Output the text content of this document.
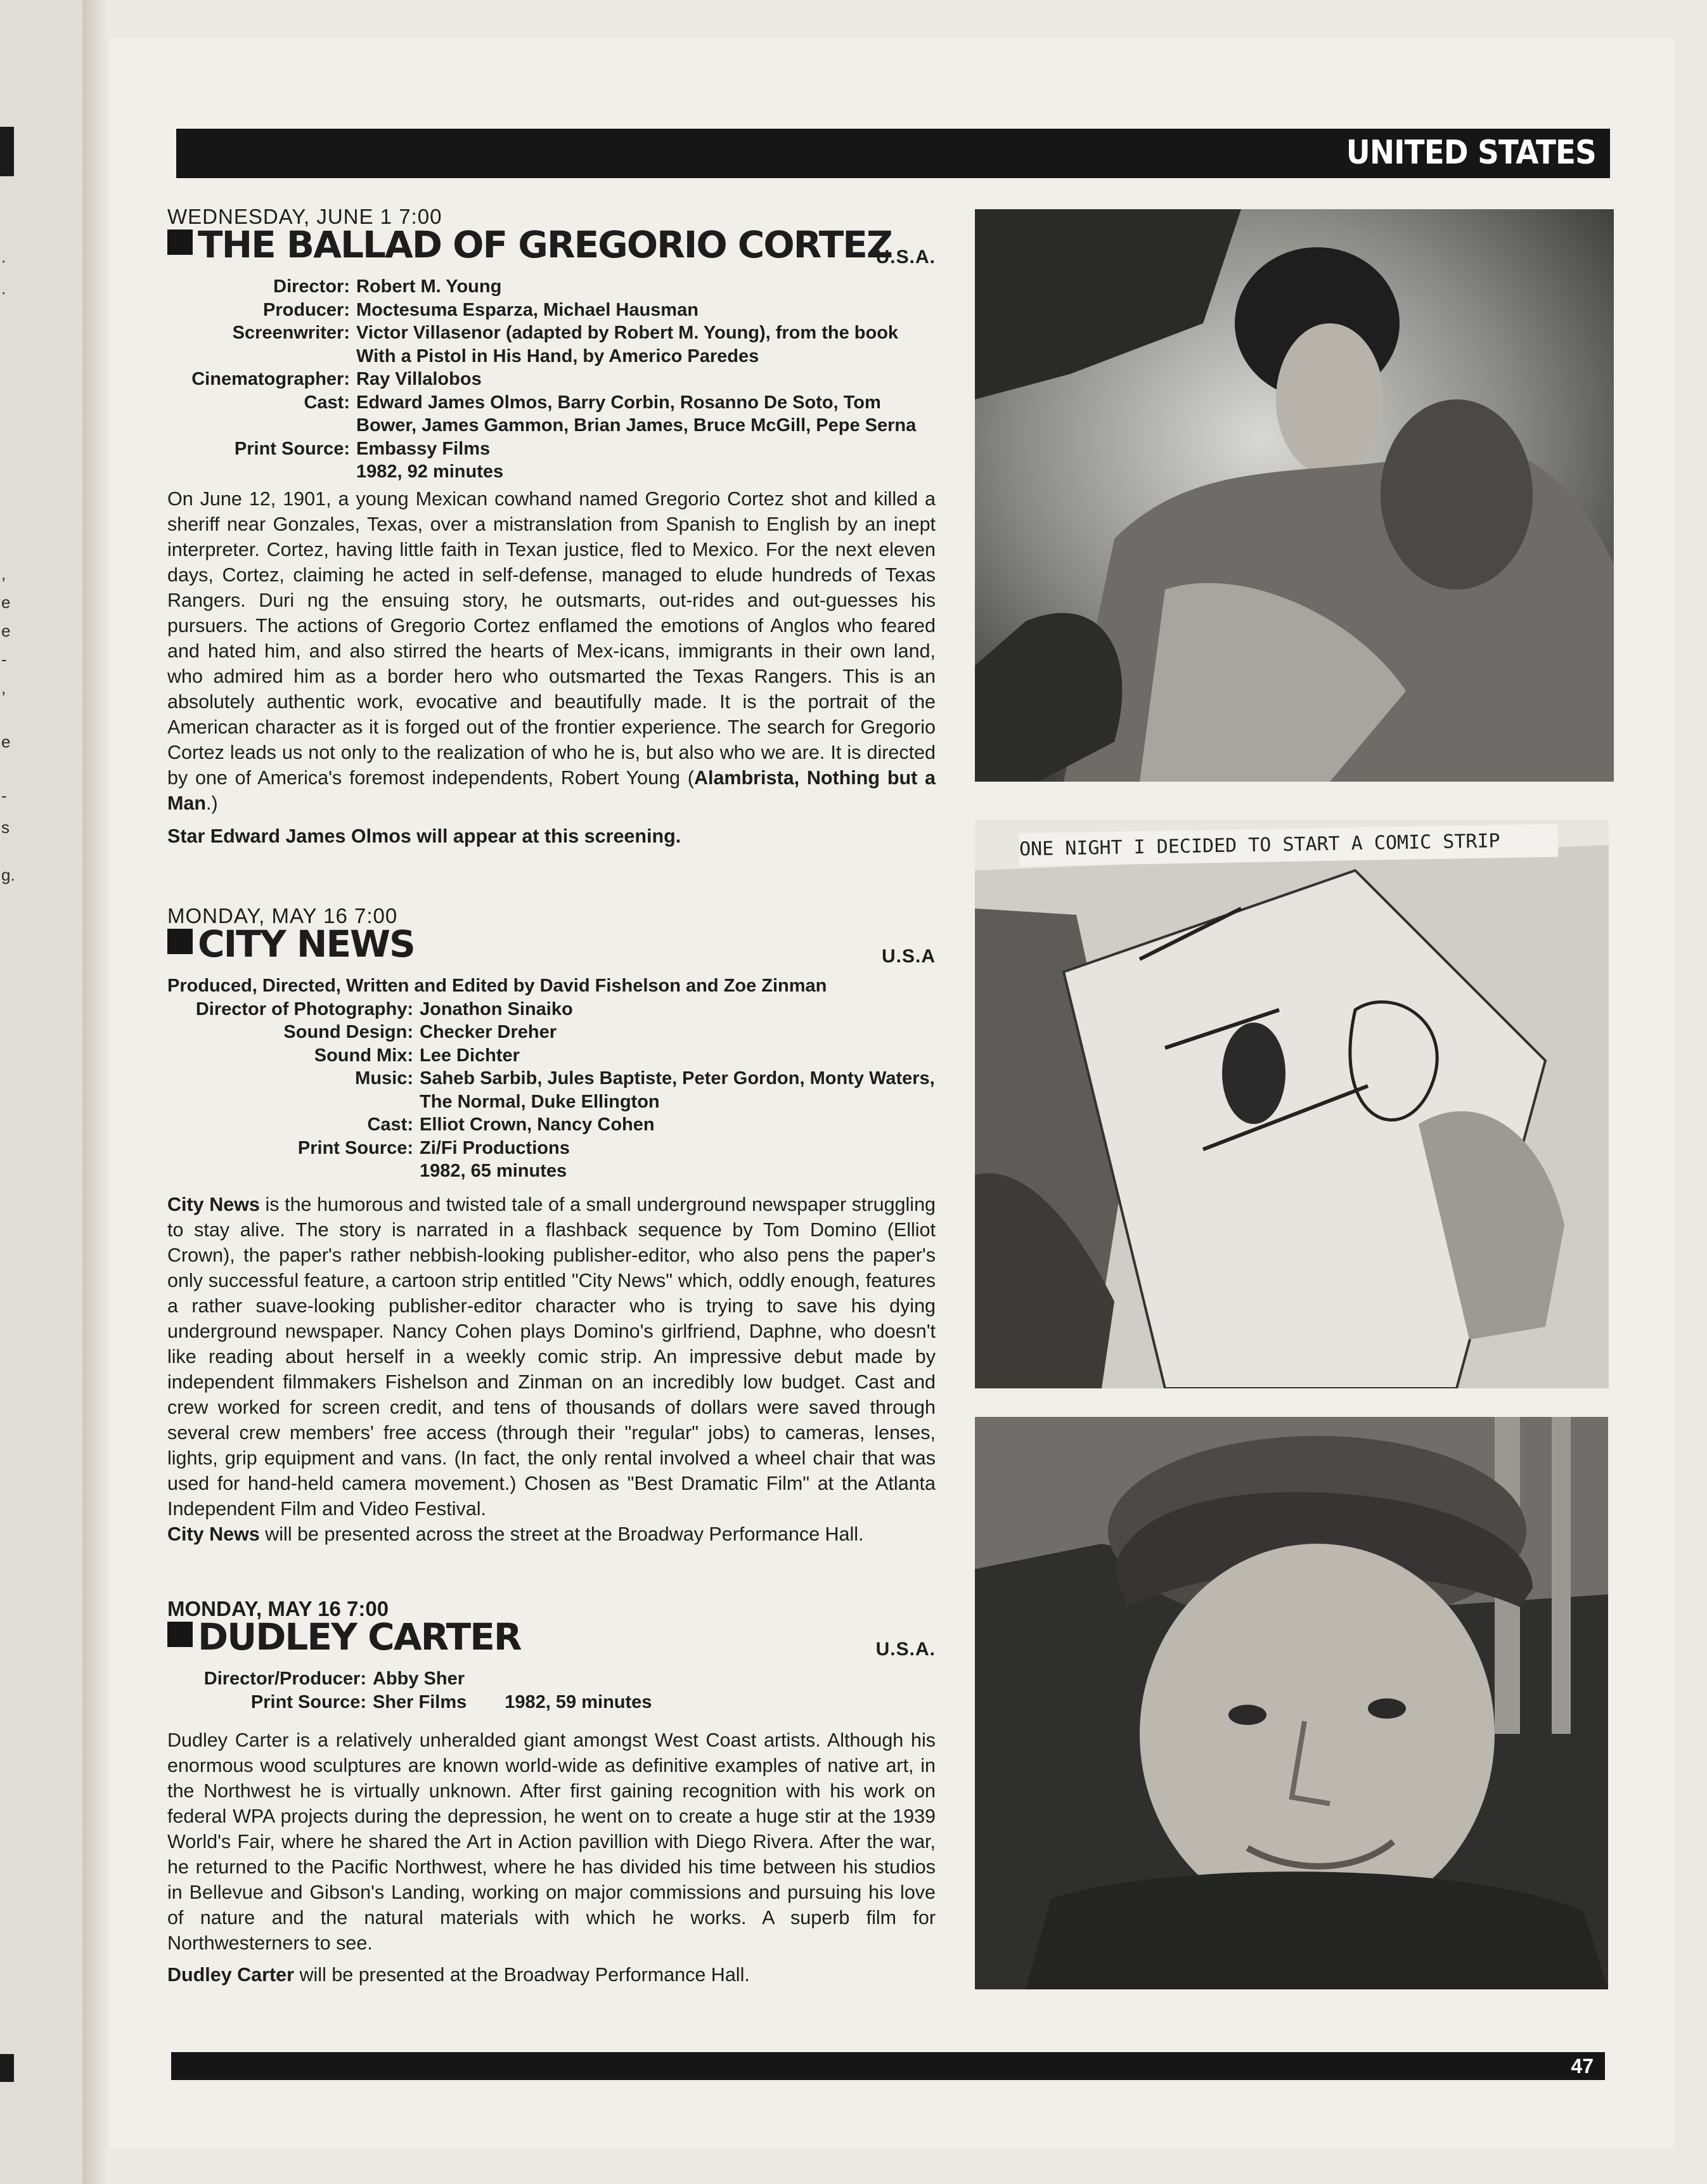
.
.
,
e
e
-
,
e
-
s
g.
UNITED STATES
WEDNESDAY, JUNE 1 7:00
THE BALLAD OF GREGORIO CORTEZ
U.S.A.
Director: Robert M. Young
Producer: Moctesuma Esparza, Michael Hausman
Screenwriter: Victor Villasenor (adapted by Robert M. Young), from the book With a Pistol in His Hand, by Americo Paredes
Cinematographer: Ray Villalobos
Cast: Edward James Olmos, Barry Corbin, Rosanno De Soto, Tom Bower, James Gammon, Brian James, Bruce McGill, Pepe Serna
Print Source: Embassy Films
1982, 92 minutes

On June 12, 1901, a young Mexican cowhand named Gregorio Cortez shot and killed a sheriff near Gonzales, Texas, over a mistranslation from Spanish to English by an inept interpreter. Cortez, having little faith in Texan justice, fled to Mexico. For the next eleven days, Cortez, claiming he acted in self-defense, managed to elude hundreds of Texas Rangers. Duri ng the ensuing story, he outsmarts, out-rides and out-guesses his pursuers. The actions of Gregorio Cortez enflamed the emotions of Anglos who feared and hated him, and also stirred the hearts of Mex-icans, immigrants in their own land, who admired him as a border hero who outsmarted the Texas Rangers. This is an absolutely authentic work, evocative and beautifully made. It is the portrait of the American character as it is forged out of the frontier experience. The search for Gregorio Cortez leads us not only to the realization of who he is, but also who we are. It is directed by one of America's foremost independents, Robert Young (Alambrista, Nothing but a Man.)

Star Edward James Olmos will appear at this screening.

MONDAY, MAY 16 7:00
CITY NEWS	U.S.A
Produced, Directed, Written and Edited by David Fishelson and Zoe Zinman
Director of Photography: Jonathon Sinaiko
Sound Design: Checker Dreher
Sound Mix: Lee Dichter
Music: Saheb Sarbib, Jules Baptiste, Peter Gordon, Monty Waters, The Normal, Duke Ellington
Cast: Elliot Crown, Nancy Cohen
Print Source: Zi/Fi Productions
1982, 65 minutes

City News is the humorous and twisted tale of a small underground newspaper struggling to stay alive. The story is narrated in a flashback sequence by Tom Domino (Elliot Crown), the paper's rather nebbish-looking publisher-editor, who also pens the paper's only successful feature, a cartoon strip entitled "City News" which, oddly enough, features a rather suave-looking publisher-editor character who is trying to save his dying underground newspaper. Nancy Cohen plays Domino's girlfriend, Daphne, who doesn't like reading about herself in a weekly comic strip. An impressive debut made by independent filmmakers Fishelson and Zinman on an incredibly low budget. Cast and crew worked for screen credit, and tens of thousands of dollars were saved through several crew members' free access (through their "regular" jobs) to cameras, lenses, lights, grip equipment and vans. (In fact, the only rental involved a wheel chair that was used for hand-held camera movement.) Chosen as "Best Dramatic Film" at the Atlanta Independent Film and Video Festival.

City News will be presented across the street at the Broadway Performance Hall.

MONDAY, MAY 16 7:00
DUDLEY CARTER	U.S.A.
Director/Producer: Abby Sher
Print Source: Sher Films 1982, 59 minutes

Dudley Carter is a relatively unheralded giant amongst West Coast artists. Although his enormous wood sculptures are known world-wide as definitive examples of native art, in the Northwest he is virtually unknown. After first gaining recognition with his work on federal WPA projects during the depression, he went on to create a huge stir at the 1939 World's Fair, where he shared the Art in Action pavillion with Diego Rivera. After the war, he returned to the Pacific Northwest, where he has divided his time between his studios in Bellevue and Gibson's Landing, working on major commissions and pursuing his love of nature and the natural materials with which he works. A superb film for Northwesterners to see.

Dudley Carter will be presented at the Broadway Performance Hall.

ONE NIGHT I DECIDED TO START A COMIC STRIP
47
